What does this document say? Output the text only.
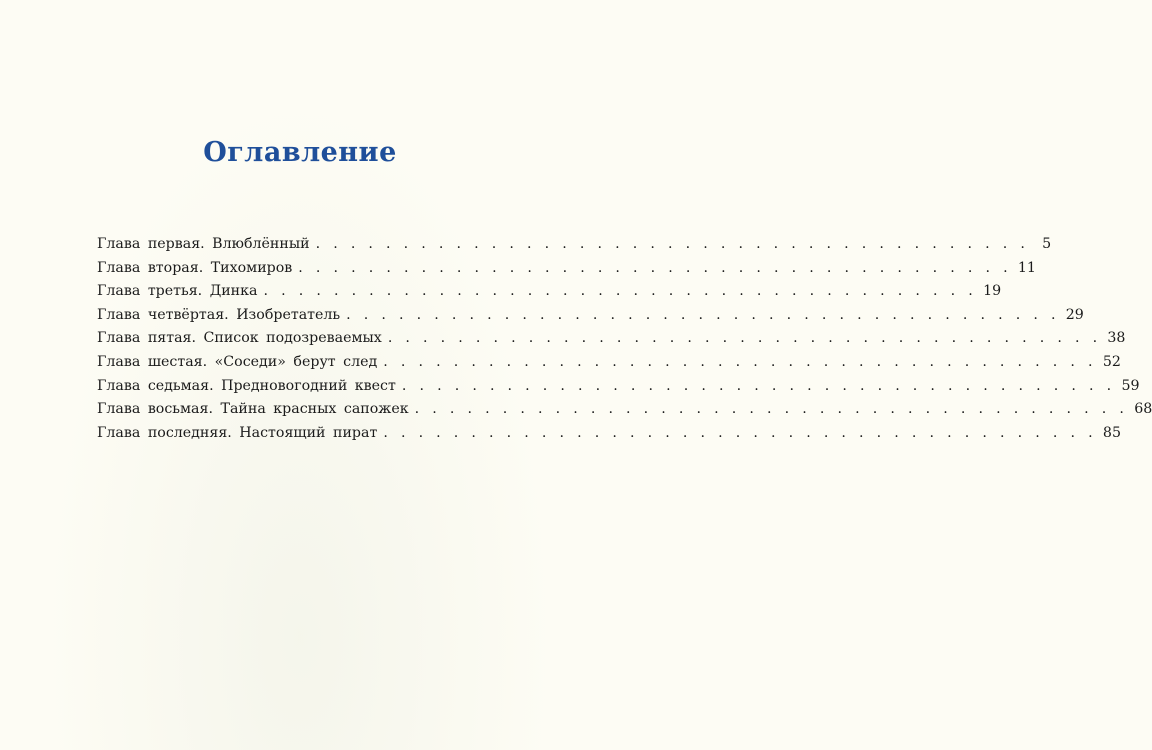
Оглавление
Глава первая. Влюблённый . . . . . . . . . . . . . . . . . . . . . . . . . . . . . . . . . . . . . . . . . 5
Глава вторая. Тихомиров . . . . . . . . . . . . . . . . . . . . . . . . . . . . . . . . . . . . . . . . . 11
Глава третья. Динка . . . . . . . . . . . . . . . . . . . . . . . . . . . . . . . . . . . . . . . . . 19
Глава четвёртая. Изобретатель . . . . . . . . . . . . . . . . . . . . . . . . . . . . . . . . . . . . . . . . . 29
Глава пятая. Список подозреваемых . . . . . . . . . . . . . . . . . . . . . . . . . . . . . . . . . . . . . . . . . 38
Глава шестая. «Соседи» берут след . . . . . . . . . . . . . . . . . . . . . . . . . . . . . . . . . . . . . . . . . 52
Глава седьмая. Предновогодний квест . . . . . . . . . . . . . . . . . . . . . . . . . . . . . . . . . . . . . . . . . 59
Глава восьмая. Тайна красных сапожек . . . . . . . . . . . . . . . . . . . . . . . . . . . . . . . . . . . . . . . . . 68
Глава последняя. Настоящий пират . . . . . . . . . . . . . . . . . . . . . . . . . . . . . . . . . . . . . . . . . 85
